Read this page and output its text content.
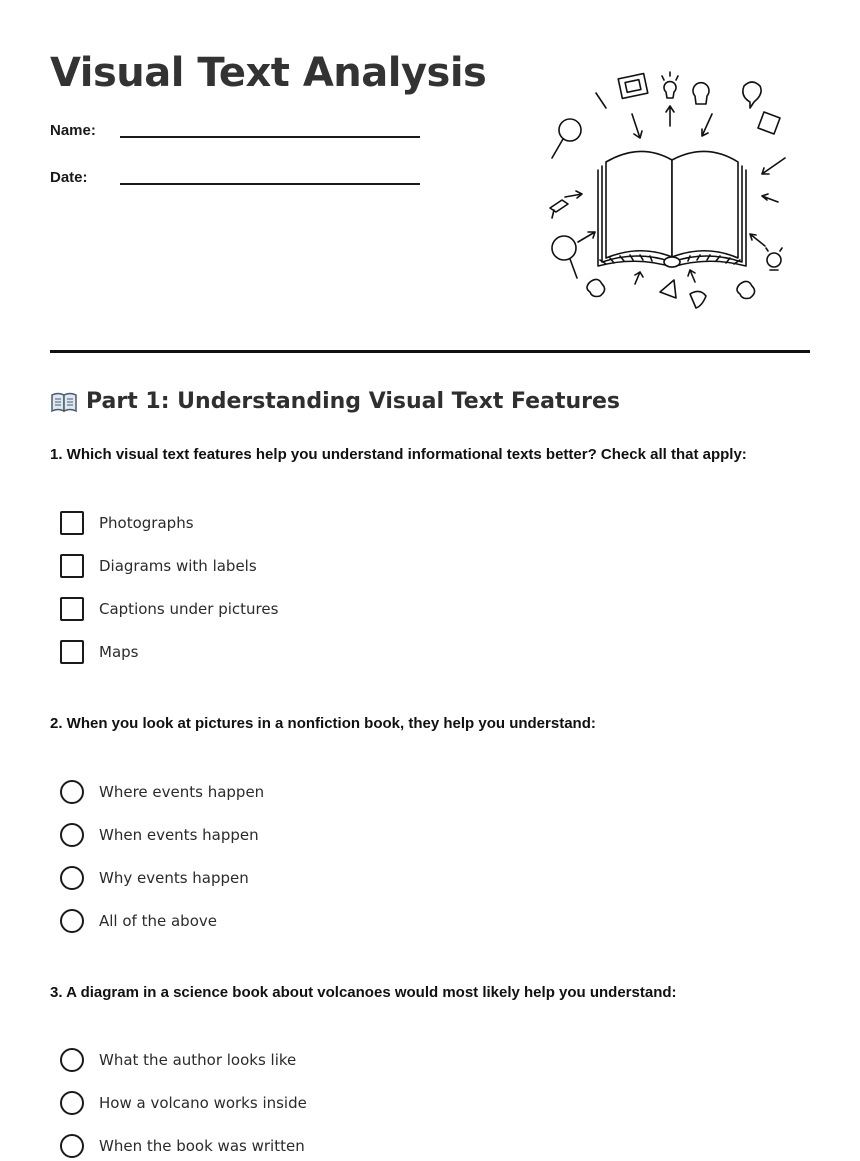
Visual Text Analysis
Name:
Date:
Part 1: Understanding Visual Text Features

1. Which visual text features help you understand informational texts better? Check all that apply:

Photographs
Diagrams with labels
Captions under pictures
Maps

2. When you look at pictures in a nonfiction book, they help you understand:

Where events happen
When events happen
Why events happen
All of the above

3. A diagram in a science book about volcanoes would most likely help you understand:

What the author looks like
How a volcano works inside
When the book was written
